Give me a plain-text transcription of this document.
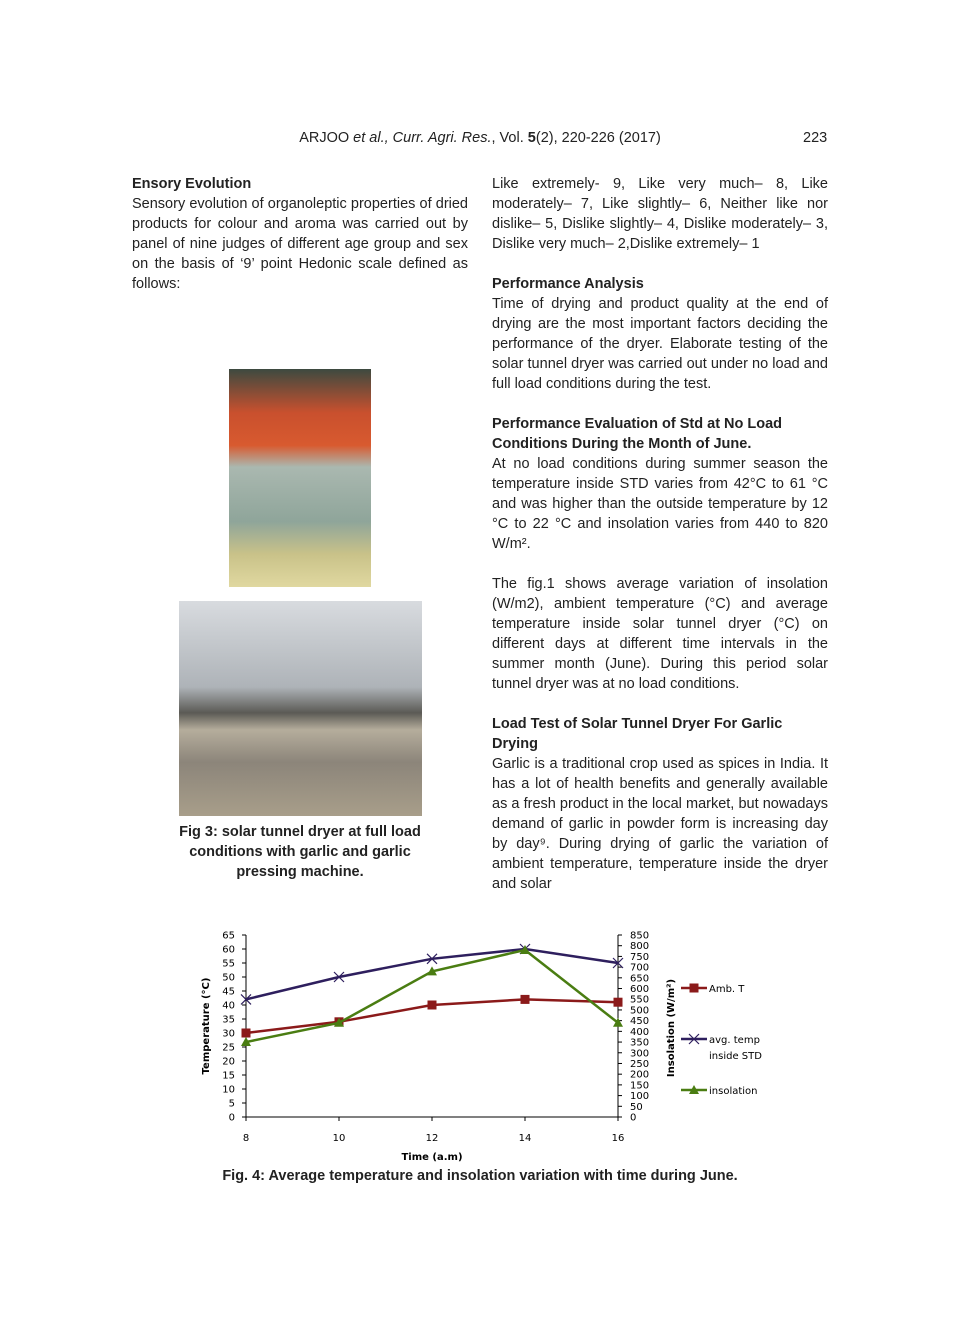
ARJOO et al., Curr. Agri. Res., Vol. 5(2), 220-226 (2017)	223
Ensory Evolution

Sensory evolution of organoleptic properties of dried products for colour and aroma was carried out by panel of nine judges of different age group and sex on the basis of ‘9’ point Hedonic scale defined as follows:

Fig 3: solar tunnel dryer at full load conditions with garlic and garlic pressing machine.

Like extremely- 9, Like very much– 8, Like moderately– 7, Like slightly– 6, Neither like nor dislike– 5, Dislike slightly– 4, Dislike moderately– 3, Dislike very much– 2,Dislike extremely– 1

Performance Analysis

Time of drying and product quality at the end of drying are the most important factors deciding the performance of the dryer. Elaborate testing of the solar tunnel dryer was carried out under no load and full load conditions during the test.

Performance Evaluation of Std at No Load Conditions During the Month of June.

At no load conditions during summer season the temperature inside STD varies from 42°C to 61 °C and was higher than the outside temperature by 12 °C to 22 °C and insolation varies from 440 to 820 W/m².

The fig.1 shows average variation of insolation (W/m2), ambient temperature (°C) and average temperature inside solar tunnel dryer (°C) on different days at different time intervals in the summer month (June). During this period solar tunnel dryer was at no load conditions.

Load Test of Solar Tunnel Dryer For Garlic Drying

Garlic is a traditional crop used as spices in India. It has a lot of health benefits and generally available as a fresh product in the local market, but nowadays demand of garlic in powder form is increasing day by day⁹. During drying of garlic the variation of ambient temperature, temperature inside the dryer and solar

0
5
10
15
20
25
30
35
40
45
50
55
60
65
0
50
100
150
200
250
300
350
400
450
500
550
600
650
700
750
800
850
8	10	12	14	16
Time (a.m)
Temperature (°C)	Insolation (W/m²)	Amb. T
avg. temp
inside STD
insolation
Fig. 4: Average temperature and insolation variation with time during June.
